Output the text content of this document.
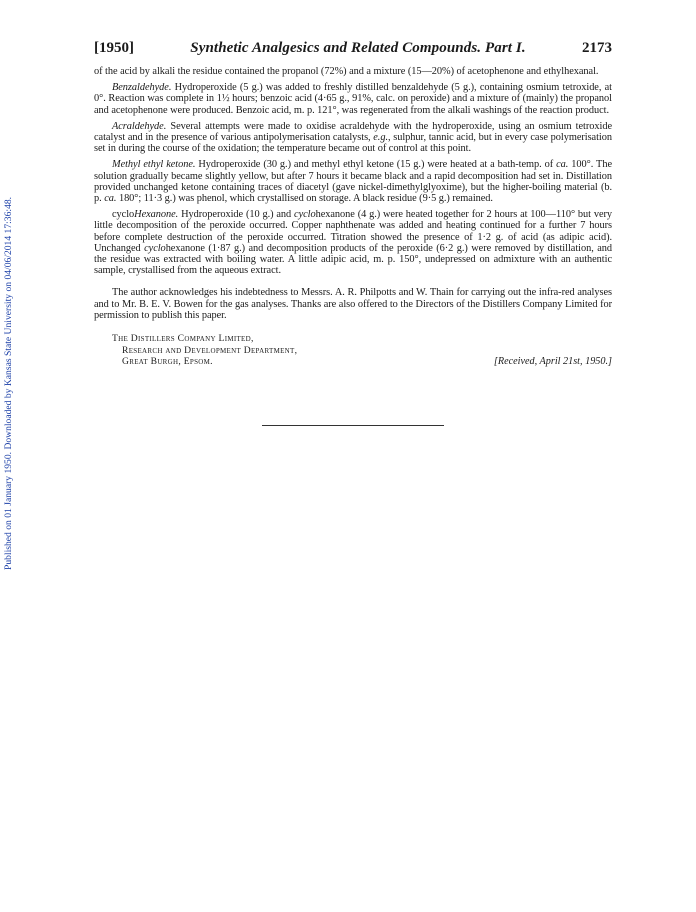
Published on 01 January 1950. Downloaded by Kansas State University on 04/06/2014 17:36:48.
[1950]	Synthetic Analgesics and Related Compounds. Part I.	2173

of the acid by alkali the residue contained the propanol (72%) and a mixture (15—20%) of acetophenone and ethylhexanal.

Benzaldehyde. Hydroperoxide (5 g.) was added to freshly distilled benzaldehyde (5 g.), containing osmium tetroxide, at 0°. Reaction was complete in 1½ hours; benzoic acid (4·65 g., 91%, calc. on peroxide) and a mixture of (mainly) the propanol and acetophenone were produced. Benzoic acid, m. p. 121°, was regenerated from the alkali washings of the reaction product.

Acraldehyde. Several attempts were made to oxidise acraldehyde with the hydroperoxide, using an osmium tetroxide catalyst and in the presence of various antipolymerisation catalysts, e.g., sulphur, tannic acid, but in every case polymerisation set in during the course of the oxidation; the temperature became out of control at this point.

Methyl ethyl ketone. Hydroperoxide (30 g.) and methyl ethyl ketone (15 g.) were heated at a bath-temp. of ca. 100°. The solution gradually became slightly yellow, but after 7 hours it became black and a rapid decomposition had set in. Distillation provided unchanged ketone containing traces of diacetyl (gave nickel-dimethylglyoxime), but the higher-boiling material (b. p. ca. 180°; 11·3 g.) was phenol, which crystallised on storage. A black residue (9·5 g.) remained.

cycloHexanone. Hydroperoxide (10 g.) and cyclohexanone (4 g.) were heated together for 2 hours at 100—110° but very little decomposition of the peroxide occurred. Copper naphthenate was added and heating continued for a further 7 hours before complete destruction of the peroxide occurred. Titration showed the presence of 1·2 g. of acid (as adipic acid). Unchanged cyclohexanone (1·87 g.) and decomposition products of the peroxide (6·2 g.) were removed by distillation, and the residue was extracted with boiling water. A little adipic acid, m. p. 150°, undepressed on admixture with an authentic sample, crystallised from the aqueous extract.

The author acknowledges his indebtedness to Messrs. A. R. Philpotts and W. Thain for carrying out the infra-red analyses and to Mr. B. E. V. Bowen for the gas analyses. Thanks are also offered to the Directors of the Distillers Company Limited for permission to publish this paper.

The Distillers Company Limited,
Research and Development Department,
Great Burgh, Epsom.	[Received, April 21st, 1950.]
